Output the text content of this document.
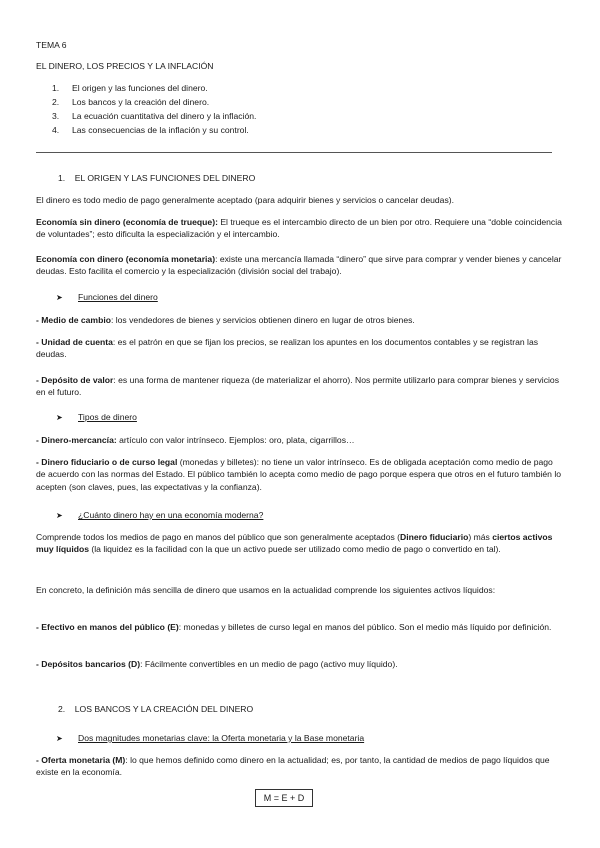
TEMA 6

EL DINERO, LOS PRECIOS Y LA INFLACIÓN

1.	El origen y las funciones del dinero.
2.	Los bancos y la creación del dinero.
3.	La ecuación cuantitativa del dinero y la inflación.
4.	Las consecuencias de la inflación y su control.

1. EL ORIGEN Y LAS FUNCIONES DEL DINERO

El dinero es todo medio de pago generalmente aceptado (para adquirir bienes y servicios o cancelar deudas).

Economía sin dinero (economía de trueque): El trueque es el intercambio directo de un bien por otro. Requiere una “doble coincidencia de voluntades”; esto dificulta la especialización y el intercambio.

Economía con dinero (economía monetaria): existe una mercancía llamada “dinero” que sirve para comprar y vender bienes y cancelar deudas. Esto facilita el comercio y la especialización (división social del trabajo).

➤ Funciones del dinero

- Medio de cambio: los vendedores de bienes y servicios obtienen dinero en lugar de otros bienes.

- Unidad de cuenta: es el patrón en que se fijan los precios, se realizan los apuntes en los documentos contables y se registran las deudas.

- Depósito de valor: es una forma de mantener riqueza (de materializar el ahorro). Nos permite utilizarlo para comprar bienes y servicios en el futuro.

➤ Tipos de dinero

- Dinero-mercancía: artículo con valor intrínseco. Ejemplos: oro, plata, cigarrillos…

- Dinero fiduciario o de curso legal (monedas y billetes): no tiene un valor intrínseco. Es de obligada aceptación como medio de pago de acuerdo con las normas del Estado. El público también lo acepta como medio de pago porque espera que otros en el futuro también lo acepten (son claves, pues, las expectativas y la confianza).

➤ ¿Cuánto dinero hay en una economía moderna?

Comprende todos los medios de pago en manos del público que son generalmente aceptados (Dinero fiduciario) más ciertos activos muy líquidos (la liquidez es la facilidad con la que un activo puede ser utilizado como medio de pago o convertido en tal).

En concreto, la definición más sencilla de dinero que usamos en la actualidad comprende los siguientes activos líquidos:

- Efectivo en manos del público (E): monedas y billetes de curso legal en manos del público. Son el medio más líquido por definición.

- Depósitos bancarios (D): Fácilmente convertibles en un medio de pago (activo muy líquido).

2. LOS BANCOS Y LA CREACIÓN DEL DINERO

➤ Dos magnitudes monetarias clave: la Oferta monetaria y la Base monetaria

- Oferta monetaria (M): lo que hemos definido como dinero en la actualidad; es, por tanto, la cantidad de medios de pago líquidos que existe en la economía.

M = E + D
